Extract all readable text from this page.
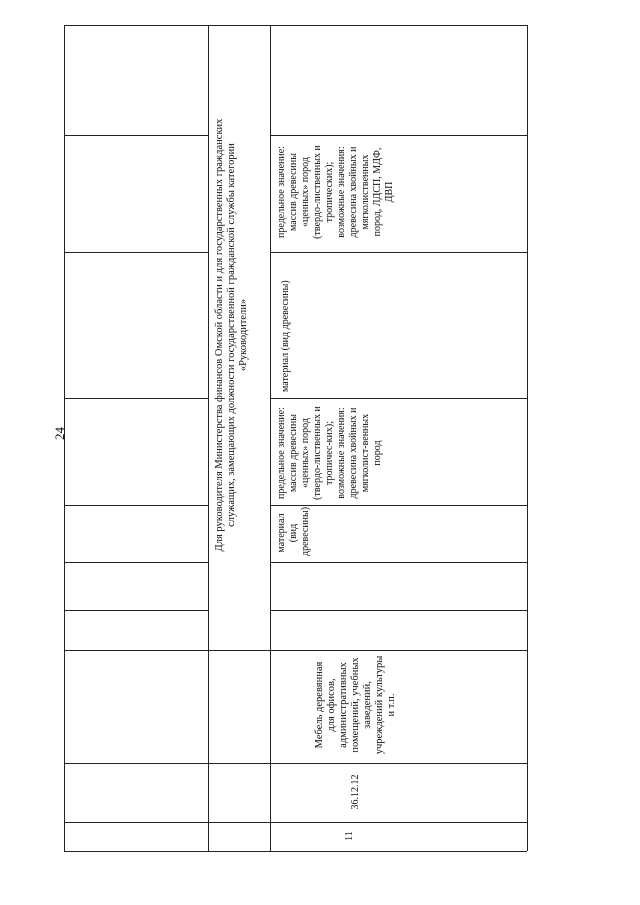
24	Для руководителя Министерства финансов Омской области и для государственных гражданских служащих, замещающих должности государственной гражданской службы категории «Руководители»
материал (вид древесины)
предельное значение: массив древесины «ценных» пород (твердо-лиственных и тропичес-ких); возможные значения: древесина хвойных и мягколист-венных пород
материал (вид древесины)
предельное значение: массив древесины «ценных» пород (твердо-лиственных и тропических); возможные значения: древесина хвойных и мягколиственных пород, ЛДСП, МДФ, ДВП
11
36.12.12
Мебель деревянная для офисов, административных помещений, учебных заведений, учреждений культуры и т.п.
